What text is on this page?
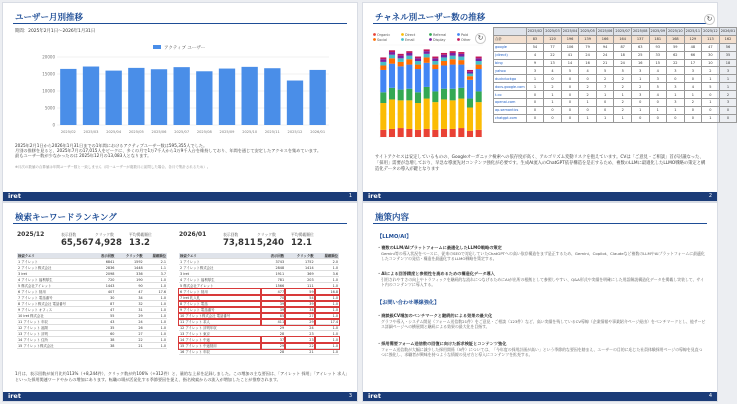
ユーザー月別推移
期間：2025年2月1日〜2026年1月31日
アクティブ ユーザー
0
5000
10000
15000
20000
2025/02 2025/03 2025/04 2025/05 2025/06 2025/07 2025/08 2025/09 2025/10 2025/11 2025/12 2026/01
2025年2月1日から2026年1月31日までの1年間におけるアクティブユーザー数は595,355人でした。
月別の推移を見ると、2025年7月の17,015人をピークに、多くの月で1万7千人から1万9千人台を維持しており、年間を通じて安定したアクセスを集めています。
最もユーザー数が少なかったのは 2025年12月の13,083人となります。
※月次の数値の合算値は年間ユーザー数と一致しません（同一ユーザーが複数月に訪問した場合、各月で集計されるため）。
iret	1
チャネル別ユーザー数の推移	↻
↻
Organic	Direct	Referral	Paid
Social	Email	Display	Other
	2025/02	2025/03	2025/04	2025/05	2025/06	2025/07	2025/08	2025/09	2025/10	2025/11	2025/12	2026/01
合計	83	120	196	139	166	164	137	181	168	129	113	162
google	54	77	106	79	94	87	63	93	59	48	47	56
(direct)	4	22	41	24	24	18	25	33	62	66	30	35
bing	9	13	14	16	21	24	16	15	22	17	10	18
yahoo	3	4	5	4	5	5	3	4	3	3	2	3
duckduckgo	1	0	0	0	2	2	1	3	0	0	1	1
docs.google.com	1	2	0	2	7	2	2	5	3	4	5	1
t.co	0	1	0	2	1	1	3	4	1	1	0	2
openai.com	0	1	0	1	0	2	0	0	3	2	1	3
ap.semantics	0	0	0	0	0	2	1	1	1	0	0	0
chatgpt.com	0	0	0	1	1	1	0	0	0	0	1	0
サイトアクセスは安定しているものの、Googleオーガニック検索への依存度が高く、アルゴリズム変動リスクを抱えています。CVは「ご意見・ご相談」首が討議なった、「採用」需要が急増しており、早急な導流先対コンテンツ強化が必要です。生成AI流入のChatGPT依存構造を是正するため、複数のLLMに最適化したLLMO戦略の策定と構造化データの導入が鍵となります
iret	2
検索キーワードランキング
2025/12	表示回数	クリック数	平均掲載順位
65,567 4,928 13.2
検索クエリ	表示回数	クリック数	掲載順位
1 アイレット	6841	1592	2.1
2 アイレット株式会社	2836	1448	1.1
3 iret	2098	336	3.7
4 アイレット 福利厚生	720	190	1.0
5 株式会社アイレット	1443	90	1.0
6 アイレット 採用	407	47	17.6
7 アイレット 電話番号	30	34	1.0
8 アイレット株式会社 電話番号	87	32	1.0
9 アイレット オフィス	47	31	1.0
10 iret 株式会社	55	29	1.0
11 アイレット 年収	43	24	1.0
12 アイレット 福岡	35	26	1.0
13 アイレット 評判	60	27	1.0
14 アイレット 住所	38	22	1.0
15 アイレット株式会社	38	21	1.0
2026/01	表示回数	クリック数	平均掲載順位
73,811 5,240 12.1
検索クエリ	表示回数	クリック数	掲載順位
1 アイレット	3743	1752	2.0
2 アイレット株式会社	2848	1414	1.0
3 iret	1911	369	3.6
4 アイレット 福利厚生	781	203	1.0
5 株式会社アイレット	1566	111	1.0
6 アイレット 採用	477	59	16.8
7 iret 札入札	70	54	1.0
8 アイレット 電話	39	39	1.0
9 アイレット 電話番号	39	34	1.0
10 アイレット株式会社 電話番号	85	27	1.0
11 アイレット 求人	411	29	17.4
12 アイレット 評判年収	29	24	1.0
13 アイレット 東京	28	23	1.0
14 アイレット 中途	37	23	1.0
15 アイレット 中途採用	29	22	1.0
16 アイレット 年収	28	21	1.0
1月は、表示回数が前月比約113%（+8,244件）、クリック数が約106%（+312件）と、量的な上昇を記録しました。この増加の主な要因は、「アイレット 採用」「アイレット 求人」といった採用関連ワードやからの増加にあります。転職の場が活発化する季節要因を捉え、指名検索からの流入が増加したことが推察されます。
iret	3
施策内容
【LLMO/AI】
・複数のLLM/AIプラットフォームに最適化したLLMO戦略の策定
Gemini等の導入状況をベースに、従来のSEOで対応していたChatGPTへの高い依存構造をまず是正するため、Gemini、Copilot、Claudeなど複数のLLMやAIプラットフォームに最適化したコンテンツの発信・構造を最適化するLLMO戦略を策定する。
・AIによる回答精度と参照性を高めるための構造化データ導入
引用されやすさの向上やトラフィックを継続的な流れにつなげるためにAIが出所の根拠として参照しやすい、Q&A形式や実績を明確にした用語解説構造化データを掲載し実装して、サイト内のコンテンツに導入する。
【お問い合わせ導線強化】
・商談級CV増加のベンチマークと継続的による効果の最大化
グラフや導入・システム開発（フォーム送信数21件）をご意見・ご相談（123件）など、高い実績を残しているCV導線（企業情報や事業紹介ページ経由）をベンチマークとし、他サービス詳細ページへの横展開と継続による効果の最大化を目指す。
・採用需要フォーム送信数の回復に向けた訴求検証とコンテンツ強化
フォーム送信数が大幅に減少した採用関係（5件）については、「今年度の採用計画が高い」という季節的な要因を踏まえ、ユーザーの目的に応じた社員体験採用ページの導線を見直つつに強化し、求職者が興味を持つような情報の見せ方と導入にコンテンツを拡充する。
iret	4
